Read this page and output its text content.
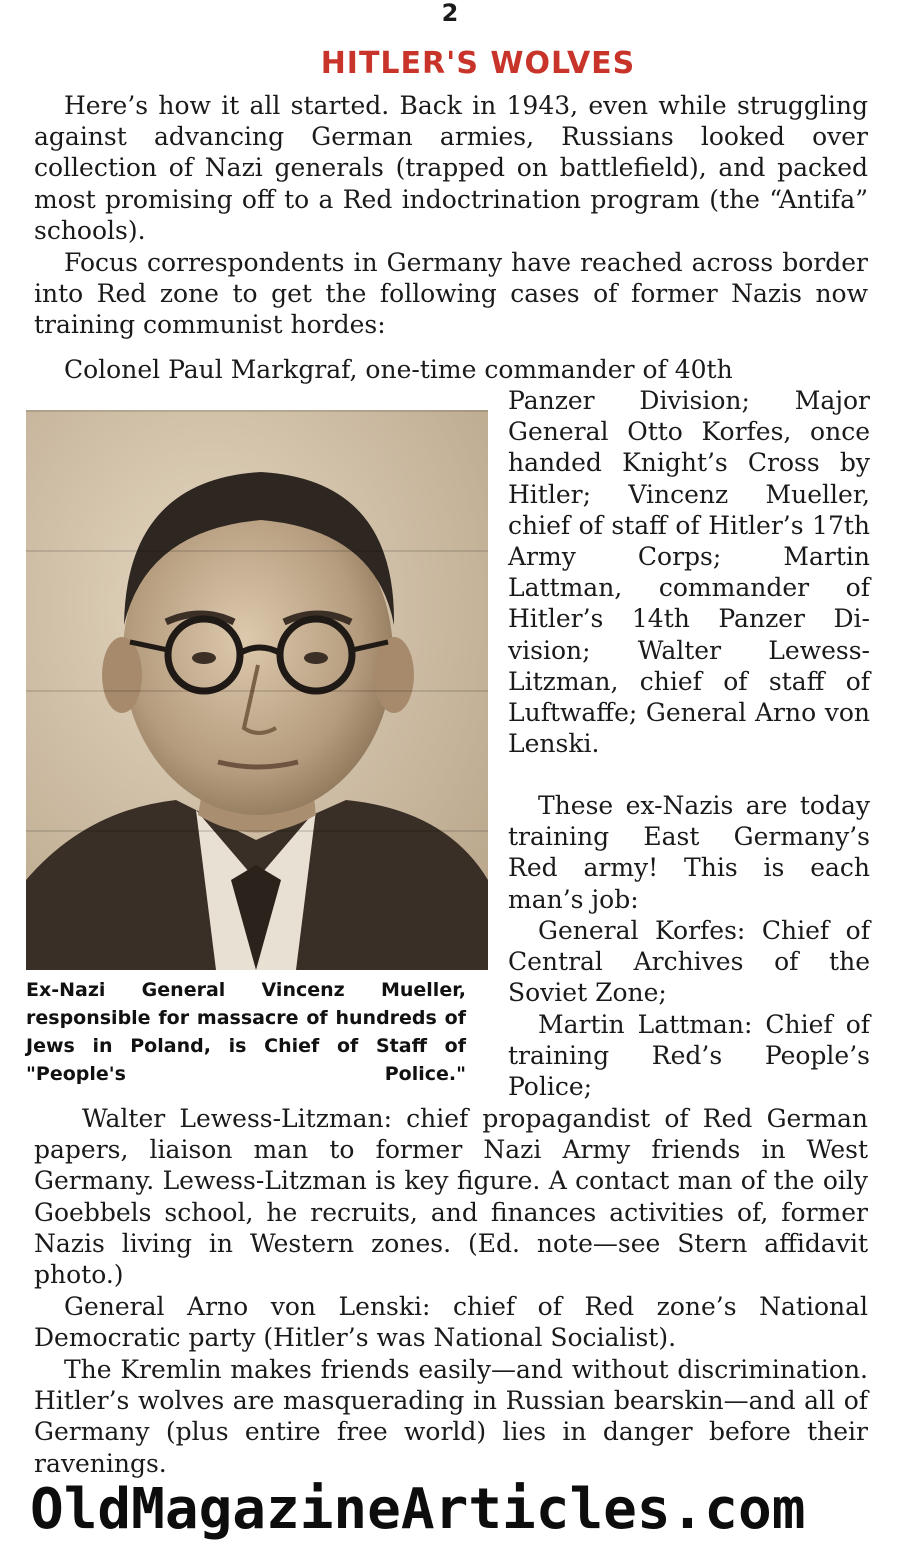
2
HITLER'S WOLVES

Here’s how it all started. Back in 1943, even while struggling against advancing German armies, Russians looked over collection of Nazi generals (trapped on battlefield), and packed most promising off to a Red indoctrination program (the “Antifa” schools).

Focus correspondents in Germany have reached across border into Red zone to get the following cases of former Nazis now training communist hordes:

Colonel Paul Markgraf, one-time commander of 40th

Panzer Division; Major General Otto Korfes, once handed Knight’s Cross by Hitler; Vincenz Mueller, chief of staff of Hitler’s 17th Army Corps; Martin Lattman, commander of Hitler’s 14th Panzer Division; Walter Lewess-Litzman, chief of staff of Luftwaffe; General Arno von Lenski.

These ex-Nazis are today training East Germany’s Red army! This is each man’s job:

General Korfes: Chief of Central Archives of the Soviet Zone;

Martin Lattman: Chief of training Red’s People’s Police;

Ex-Nazi General Vincenz Mueller, responsible for massacre of hundreds of Jews in Poland, is Chief of Staff of "People's Police."

Walter Lewess-Litzman: chief propagandist of Red German papers, liaison man to former Nazi Army friends in West Germany. Lewess-Litzman is key figure. A contact man of the oily Goebbels school, he recruits, and finances activities of, former Nazis living in Western zones. (Ed. note—see Stern affidavit photo.)

General Arno von Lenski: chief of Red zone’s National Democratic party (Hitler’s was National Socialist).

The Kremlin makes friends easily—and without discrimination. Hitler’s wolves are masquerading in Russian bearskin—and all of Germany (plus entire free world) lies in danger before their ravenings.

OldMagazineArticles.com
